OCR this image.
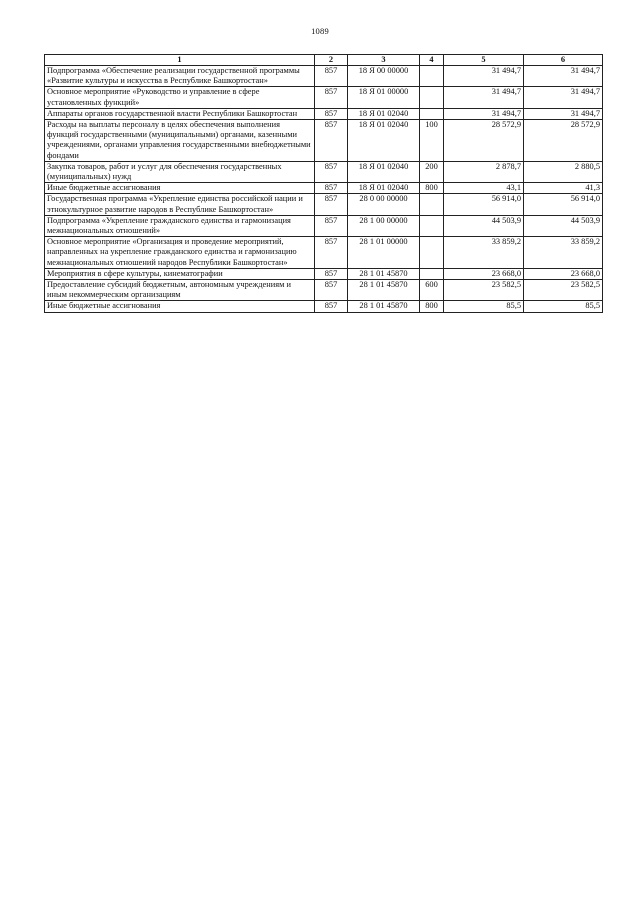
1089
1	2	3	4	5	6
Подпрограмма «Обеспечение реализации государственной программы «Развитие культуры и искусства в Республике Башкортостан»	857	18 Я 00 00000		31 494,7	31 494,7
Основное мероприятие «Руководство и управление в сфере установленных функций»	857	18 Я 01 00000		31 494,7	31 494,7
Аппараты органов государственной власти Республики Башкортостан	857	18 Я 01 02040		31 494,7	31 494,7
Расходы на выплаты персоналу в целях обеспечения выполнения функций государственными (муниципальными) органами, казенными учреждениями, органами управления государственными внебюджетными фондами	857	18 Я 01 02040	100	28 572,9	28 572,9
Закупка товаров, работ и услуг для обеспечения государственных (муниципальных) нужд	857	18 Я 01 02040	200	2 878,7	2 880,5
Иные бюджетные ассигнования	857	18 Я 01 02040	800	43,1	41,3
Государственная программа «Укрепление единства российской нации и этнокультурное развитие народов в Республике Башкортостан»	857	28 0 00 00000		56 914,0	56 914,0
Подпрограмма «Укрепление гражданского единства и гармонизация межнациональных отношений»	857	28 1 00 00000		44 503,9	44 503,9
Основное мероприятие «Организация и проведение мероприятий, направленных на укрепление гражданского единства и гармонизацию межнациональных отношений народов Республики Башкортостан»	857	28 1 01 00000		33 859,2	33 859,2
Мероприятия в сфере культуры, кинематографии	857	28 1 01 45870		23 668,0	23 668,0
Предоставление субсидий бюджетным, автономным учреждениям и иным некоммерческим организациям	857	28 1 01 45870	600	23 582,5	23 582,5
Иные бюджетные ассигнования	857	28 1 01 45870	800	85,5	85,5
